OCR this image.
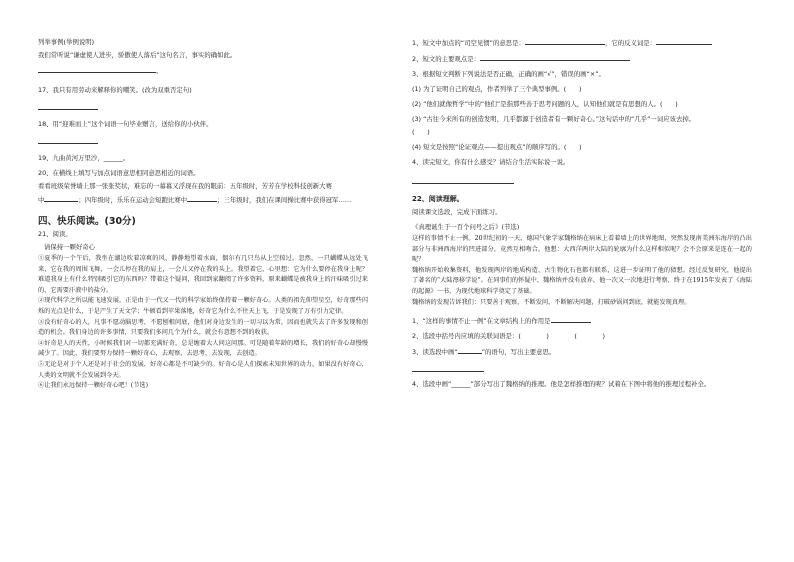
列举事例(举例说明)
我们常听说“谦虚使人进步，骄傲使人落后”这句名言，事实的确如此。
。
17、我只有用劳动来解释你的嘲笑。(改为双重否定句)
18、用“迎难而上”这个词语一句毕业赠言，送给你的小伙伴。
19、九曲黄河万里沙，______。
20、在横线上填写与加点词语意思相同意思相近的词语。
看看班级荣誉墙上那一张张奖状，难忘的一幕幕又浮现在我的眼前：五年级时，芳芳在学校科技创新大赛
中	；四年级时，乐乐在运动会短跑比赛中	；三年级时，我们在课间操比赛中获得冠军……
四、快乐阅读。(30分)
21、阅读。
请保持一颗好奇心
①夏季的一个午后，我坐在湖边吹着凉爽的风，静静地望着水面，偶尔有几只鸟从上空掠过。忽然，一只蝴蝶从远处飞来，它在我的周围飞舞，一会儿停在我的肩上，一会儿又停在我的头上。我望着它，心里想：它为什么要停在我身上呢？难道我身上有什么特别吸引它的东西吗？带着这个疑问，我回到家翻阅了许多资料，原来蝴蝶是被我身上的汗味吸引过来的，它需要汗液中的盐分。
②现代科学之所以能飞速发展，正是由于一代又一代的科学家始终保持着一颗好奇心。人类的祖先仰望星空，好奇那些闪烁的光点是什么，于是产生了天文学；牛顿看到苹果落地，好奇它为什么不往天上飞，于是发现了万有引力定律。
③没有好奇心的人，凡事不愿动脑思考，不愿刨根问底，他们对身边发生的一切习以为常，因而也就失去了许多发现和创造的机会。我们身边的许多事情，只要我们多问几个为什么，就会有意想不到的收获。
④好奇是人的天性，小时候我们对一切都充满好奇，总是缠着大人问这问那。可是随着年龄的增长，我们的好奇心却慢慢减少了。因此，我们要努力保持一颗好奇心，去观察，去思考，去发现，去创造。
⑤无论是对于个人还是对于社会的发展，好奇心都是不可缺少的。好奇心是人们探索未知世界的动力，如果没有好奇心，人类的文明就不会发展到今天。
⑥让我们永远保持一颗好奇心吧！(节选)
1、短文中加点的“司空见惯”的意思是：	，它的反义词是：
2、短文的主要观点是：
3、根据短文判断下列说法是否正确，正确的画“√”，错误的画“×”。
(1) 为了证明自己的观点，作者列举了三个典型事例。(　　)
(2) “他们就像哲学”中的“他们”是指那些善于思考问题的人，认知他们就是有思想的人。(　　)
(3) “古往今来所有的创造发明，几乎都源于创造者有一颗好奇心。”这句话中的“几乎”一词应该去掉。
(　　)
(4) 短文是按照“论证观点——提出观点”的顺序写的。(　　)
4、读完短文，你有什么感受？请结合生活实际说一说。
22、阅读理解。
阅读课文选段，完成下面练习。
《真理诞生于一百个问号之后》(节选)
这样的事情不止一例。20世纪初的一天，德国气象学家魏格纳在病床上看着墙上的世界地图，突然发现南美洲东海岸的凸出部分与非洲西海岸的凹进部分，竟然互相吻合。他想：大西洋两岸大陆的轮廓为什么这样相似呢？会不会原来是连在一起的呢？
魏格纳开始收集资料，他发现两岸的地质构造、古生物化石也都有联系，这进一步证明了他的猜想。经过反复研究，他提出了著名的“大陆漂移学说”。在同事们的怀疑中，魏格纳并没有放弃，他一次又一次地进行考察，终于在1915年发表了《海陆的起源》一书，为现代地球科学奠定了基础。
魏格纳的发现告诉我们：只要善于观察，不断发问，不断解决问题，打破砂锅问到底，就能发现真理。
1、“这样的事情不止一例”在文章结构上的作用是
2、选段中括号内应填的关联词语是：(　　　　)　　　　(　　　　)
3、读选段中画“	”的语句，写出主要意思。
4、选段中画“______”部分写出了魏格纳的推理。他是怎样推理的呢？试着在下图中将他的推理过程补全。
